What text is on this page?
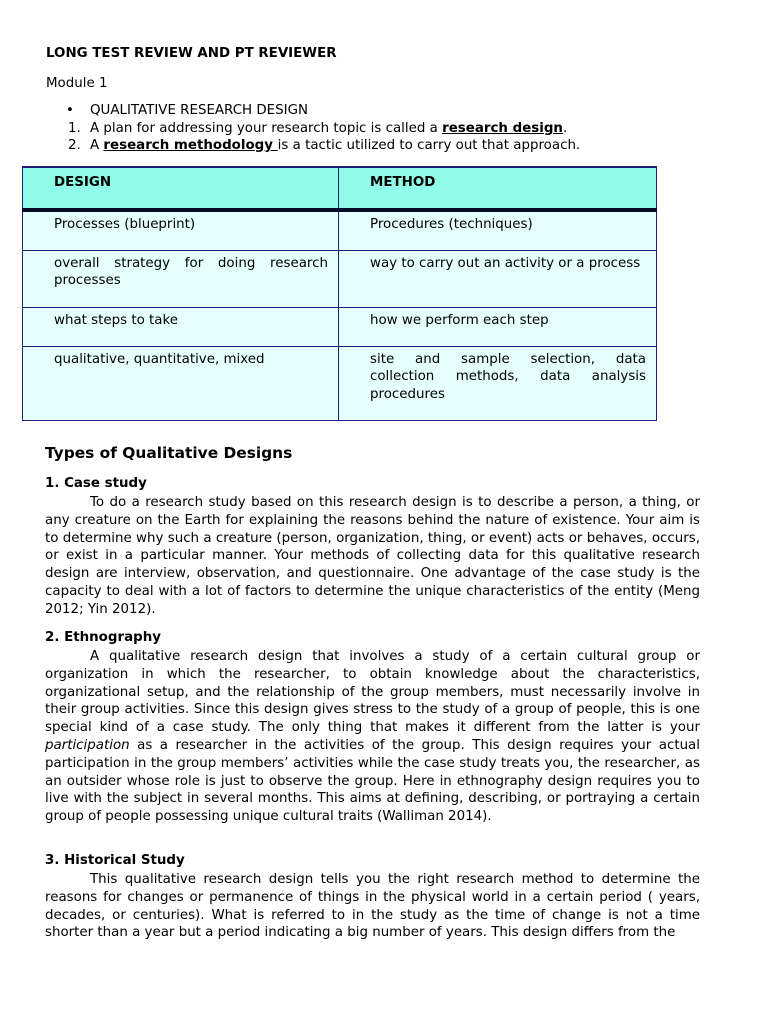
LONG TEST REVIEW AND PT REVIEWER
Module 1
• QUALITATIVE RESEARCH DESIGN
1. A plan for addressing your research topic is called a research design.
2. A research methodology is a tactic utilized to carry out that approach.
DESIGN	METHOD
Processes (blueprint)	Procedures (techniques)
overall strategy for doing research processes	way to carry out an activity or a process
what steps to take	how we perform each step
qualitative, quantitative, mixed	site and sample selection, data collection methods, data analysis procedures
Types of Qualitative Designs
1. Case study
To do a research study based on this research design is to describe a person, a thing, or any creature on the Earth for explaining the reasons behind the nature of existence. Your aim is to determine why such a creature (person, organization, thing, or event) acts or behaves, occurs, or exist in a particular manner. Your methods of collecting data for this qualitative research design are interview, observation, and questionnaire. One advantage of the case study is the capacity to deal with a lot of factors to determine the unique characteristics of the entity (Meng 2012; Yin 2012).
2. Ethnography
A qualitative research design that involves a study of a certain cultural group or organization in which the researcher, to obtain knowledge about the characteristics, organizational setup, and the relationship of the group members, must necessarily involve in their group activities. Since this design gives stress to the study of a group of people, this is one special kind of a case study. The only thing that makes it different from the latter is your participation as a researcher in the activities of the group. This design requires your actual participation in the group members’ activities while the case study treats you, the researcher, as an outsider whose role is just to observe the group. Here in ethnography design requires you to live with the subject in several months. This aims at defining, describing, or portraying a certain group of people possessing unique cultural traits (Walliman 2014).
3. Historical Study
This qualitative research design tells you the right research method to determine the reasons for changes or permanence of things in the physical world in a certain period ( years, decades, or centuries). What is referred to in the study as the time of change is not a time shorter than a year but a period indicating a big number of years. This design differs from the
